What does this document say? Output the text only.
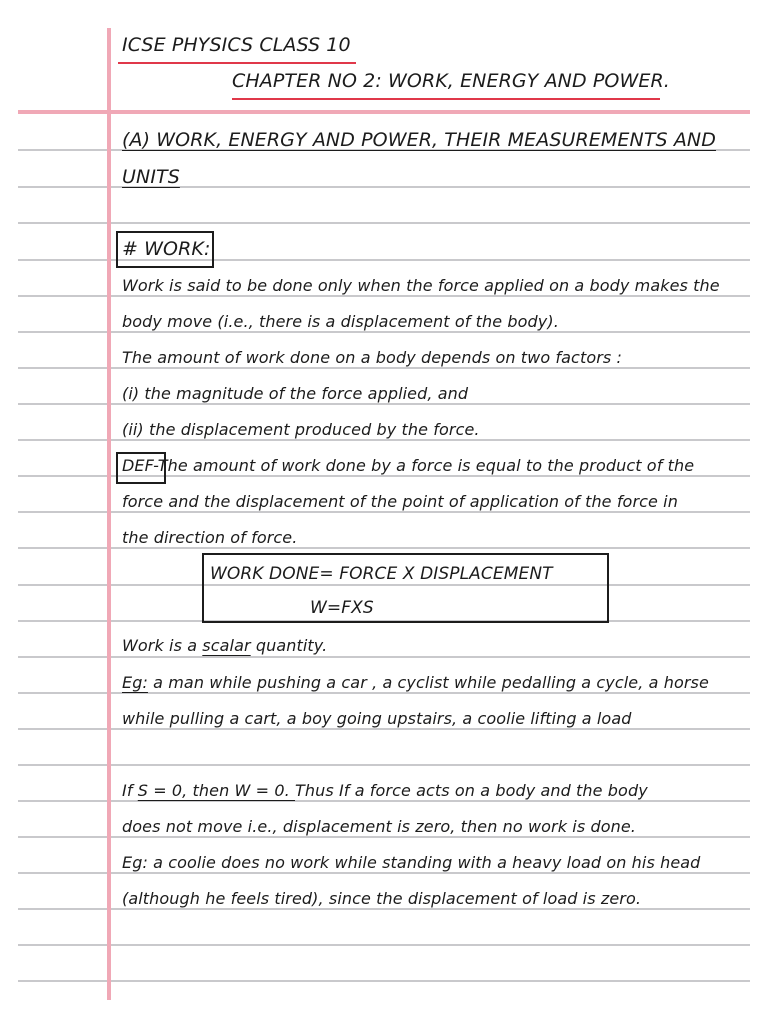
ICSE PHYSICS CLASS 10
CHAPTER NO 2: WORK, ENERGY AND POWER.
(A) WORK, ENERGY AND POWER, THEIR MEASUREMENTS AND
UNITS
# WORK:
Work is said to be done only when the force applied on a body makes the
body move (i.e., there is a displacement of the body).
The amount of work done on a body depends on two factors :
(i) the magnitude of the force applied, and
(ii) the displacement produced by the force.
DEF-The amount of work done by a force is equal to the product of the
force and the displacement of the point of application of the force in
the direction of force.
WORK DONE= FORCE X DISPLACEMENT
W=FXS
Work is a scalar quantity.
Eg: a man while pushing a car , a cyclist while pedalling a cycle, a horse
while pulling a cart, a boy going upstairs, a coolie lifting a load
If S = 0, then W = 0. Thus If a force acts on a body and the body
does not move i.e., displacement is zero, then no work is done.
Eg: a coolie does no work while standing with a heavy load on his head
(although he feels tired), since the displacement of load is zero.
